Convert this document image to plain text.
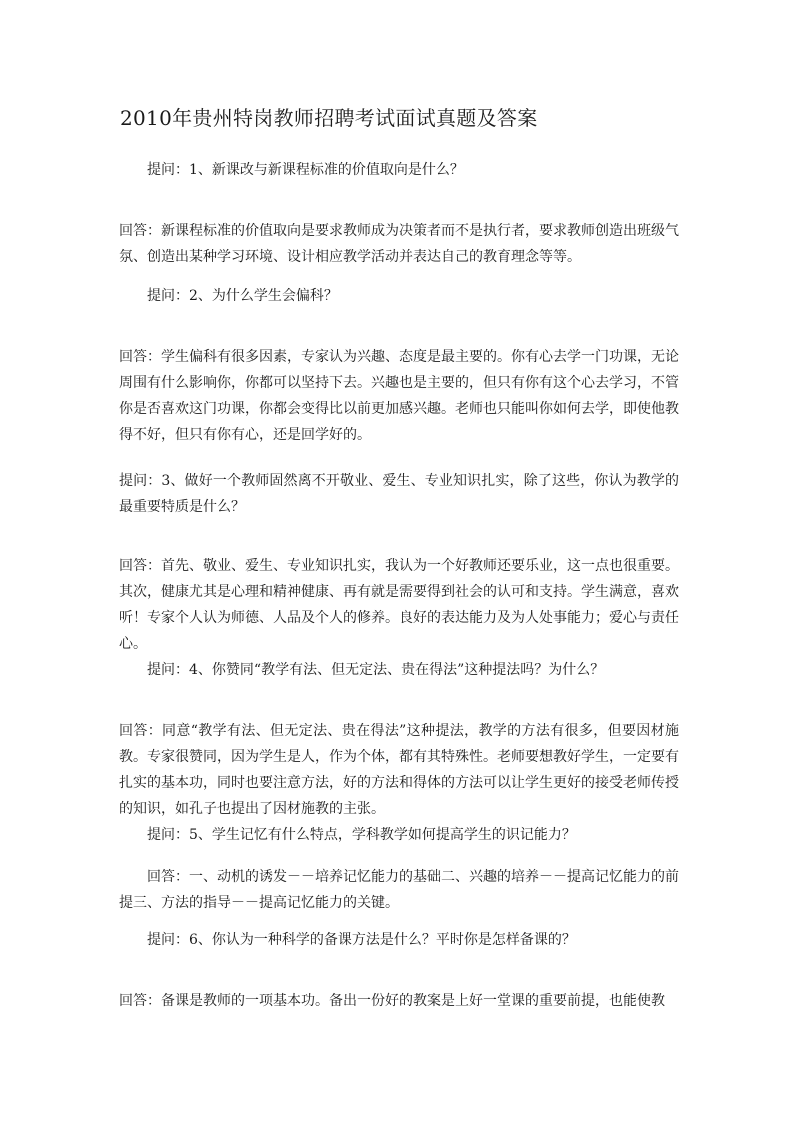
2010年贵州特岗教师招聘考试面试真题及答案

提问：1、新课改与新课程标准的价值取向是什么？

回答：新课程标准的价值取向是要求教师成为决策者而不是执行者，要求教师创造出班级气氛、创造出某种学习环境、设计相应教学活动并表达自己的教育理念等等。

提问：2、为什么学生会偏科？

回答：学生偏科有很多因素，专家认为兴趣、态度是最主要的。你有心去学一门功课，无论周围有什么影响你，你都可以坚持下去。兴趣也是主要的，但只有你有这个心去学习，不管你是否喜欢这门功课，你都会变得比以前更加感兴趣。老师也只能叫你如何去学，即使他教得不好，但只有你有心，还是回学好的。

提问：3、做好一个教师固然离不开敬业、爱生、专业知识扎实，除了这些，你认为教学的最重要特质是什么？

回答：首先、敬业、爱生、专业知识扎实，我认为一个好教师还要乐业，这一点也很重要。其次，健康尤其是心理和精神健康、再有就是需要得到社会的认可和支持。学生满意，喜欢听！专家个人认为师德、人品及个人的修养。良好的表达能力及为人处事能力；爱心与责任心。

提问：4、你赞同“教学有法、但无定法、贵在得法”这种提法吗？为什么？

回答：同意“教学有法、但无定法、贵在得法”这种提法，教学的方法有很多，但要因材施教。专家很赞同，因为学生是人，作为个体，都有其特殊性。老师要想教好学生，一定要有扎实的基本功，同时也要注意方法，好的方法和得体的方法可以让学生更好的接受老师传授的知识，如孔子也提出了因材施教的主张。

提问：5、学生记忆有什么特点，学科教学如何提高学生的识记能力？

回答：一、动机的诱发－－培养记忆能力的基础二、兴趣的培养－－提高记忆能力的前提三、方法的指导－－提高记忆能力的关键。

提问：6、你认为一种科学的备课方法是什么？平时你是怎样备课的？

回答：备课是教师的一项基本功。备出一份好的教案是上好一堂课的重要前提，也能使教
